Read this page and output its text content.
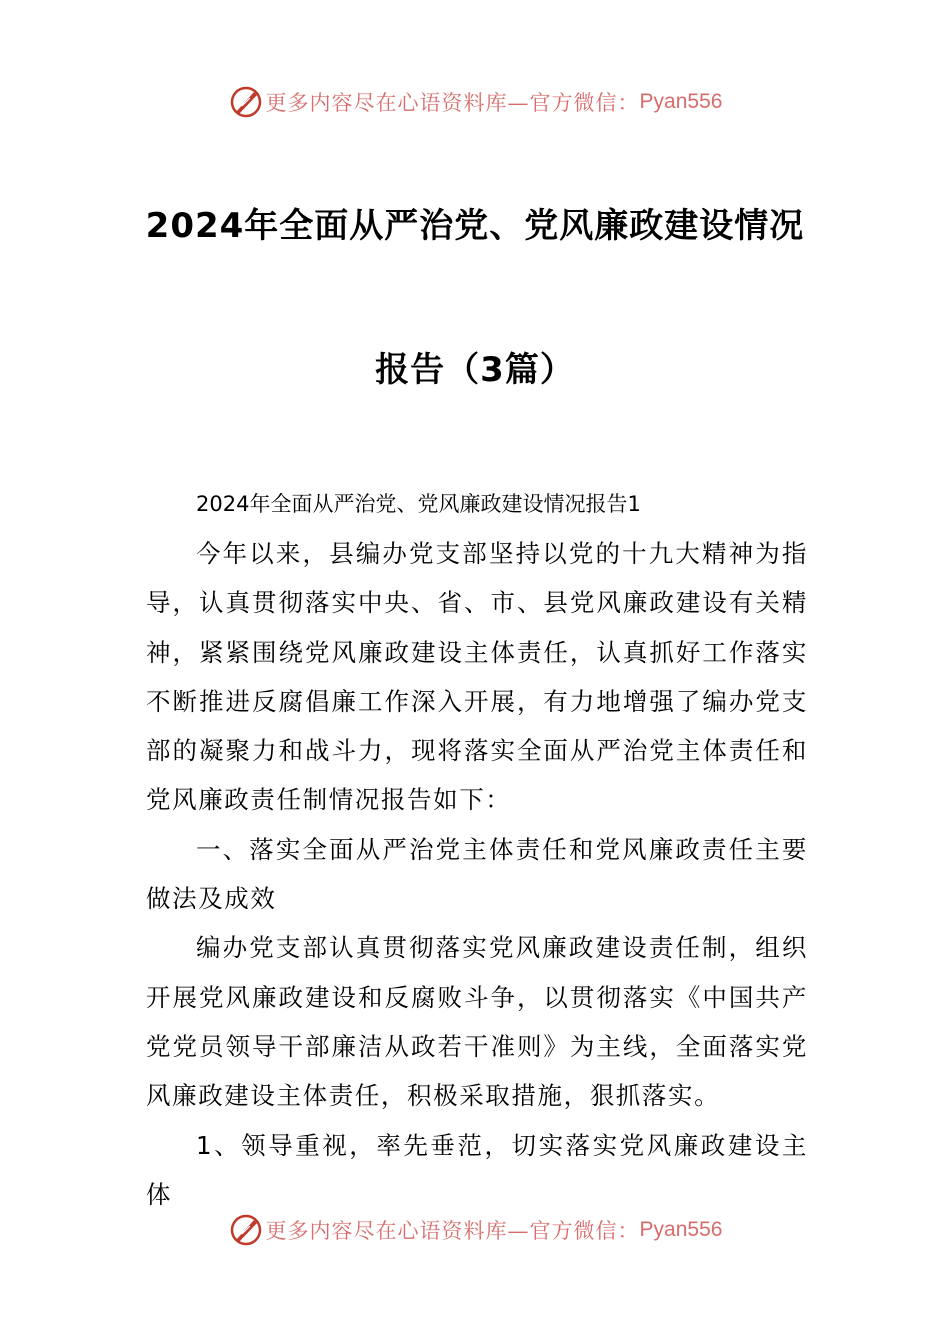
更多内容尽在心语资料库—官方微信： Pyan556
2024年全面从严治党、党风廉政建设情况
报告（3篇）
2024年全面从严治党、党风廉政建设情况报告1

今年以来，县编办党支部坚持以党的十九大精神为指导，认真贯彻落实中央、省、市、县党风廉政建设有关精神，紧紧围绕党风廉政建设主体责任，认真抓好工作落实不断推进反腐倡廉工作深入开展，有力地增强了编办党支部的凝聚力和战斗力，现将落实全面从严治党主体责任和党风廉政责任制情况报告如下：

一、落实全面从严治党主体责任和党风廉政责任主要做法及成效

编办党支部认真贯彻落实党风廉政建设责任制，组织开展党风廉政建设和反腐败斗争，以贯彻落实《中国共产党党员领导干部廉洁从政若干准则》为主线，全面落实党风廉政建设主体责任，积极采取措施，狠抓落实。

1、领导重视，率先垂范，切实落实党风廉政建设主体

更多内容尽在心语资料库—官方微信： Pyan556
